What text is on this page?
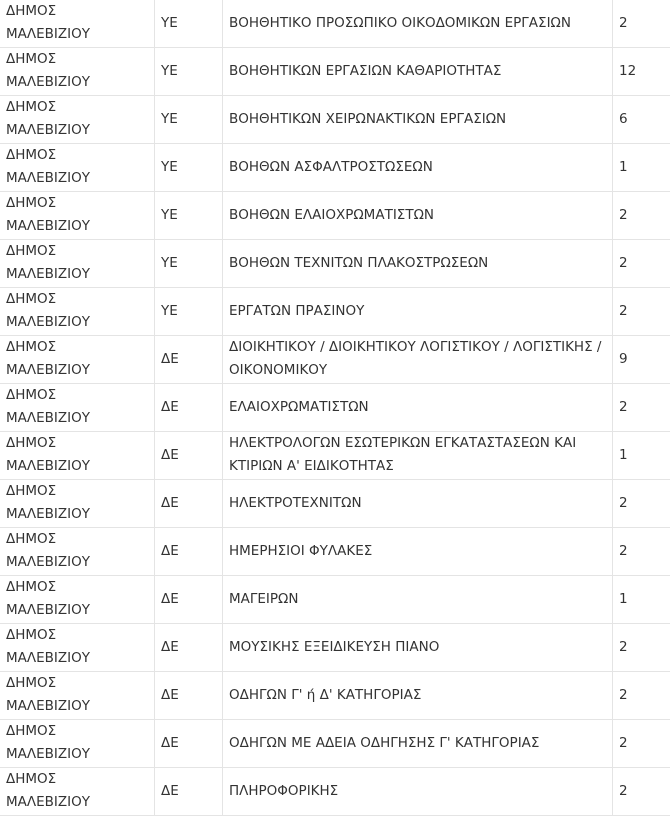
ΔΗΜΟΣ
ΜΑΛΕΒΙΖΙΟΥ	ΥΕ	ΒΟΗΘΗΤΙΚΟ ΠΡΟΣΩΠΙΚΟ ΟΙΚΟΔΟΜΙΚΩΝ ΕΡΓΑΣΙΩΝ	2

ΔΗΜΟΣ
ΜΑΛΕΒΙΖΙΟΥ	ΥΕ	ΒΟΗΘΗΤΙΚΩΝ ΕΡΓΑΣΙΩΝ ΚΑΘΑΡΙΟΤΗΤΑΣ	12

ΔΗΜΟΣ
ΜΑΛΕΒΙΖΙΟΥ	ΥΕ	ΒΟΗΘΗΤΙΚΩΝ ΧΕΙΡΩΝΑΚΤΙΚΩΝ ΕΡΓΑΣΙΩΝ	6

ΔΗΜΟΣ
ΜΑΛΕΒΙΖΙΟΥ	ΥΕ	ΒΟΗΘΩΝ ΑΣΦΑΛΤΡΟΣΤΩΣΕΩΝ	1

ΔΗΜΟΣ
ΜΑΛΕΒΙΖΙΟΥ	ΥΕ	ΒΟΗΘΩΝ ΕΛΑΙΟΧΡΩΜΑΤΙΣΤΩΝ	2

ΔΗΜΟΣ
ΜΑΛΕΒΙΖΙΟΥ	ΥΕ	ΒΟΗΘΩΝ ΤΕΧΝΙΤΩΝ ΠΛΑΚΟΣΤΡΩΣΕΩΝ	2

ΔΗΜΟΣ
ΜΑΛΕΒΙΖΙΟΥ	ΥΕ	ΕΡΓΑΤΩΝ ΠΡΑΣΙΝΟΥ	2

ΔΗΜΟΣ
ΜΑΛΕΒΙΖΙΟΥ	ΔΕ	ΔΙΟΙΚΗΤΙΚΟΥ / ΔΙΟΙΚΗΤΙΚΟΥ ΛΟΓΙΣΤΙΚΟΥ / ΛΟΓΙΣΤΙΚΗΣ / ΟΙΚΟΝΟΜΙΚΟΥ	9

ΔΗΜΟΣ
ΜΑΛΕΒΙΖΙΟΥ	ΔΕ	ΕΛΑΙΟΧΡΩΜΑΤΙΣΤΩΝ	2

ΔΗΜΟΣ
ΜΑΛΕΒΙΖΙΟΥ	ΔΕ	ΗΛΕΚΤΡΟΛΟΓΩΝ ΕΣΩΤΕΡΙΚΩΝ ΕΓΚΑΤΑΣΤΑΣΕΩΝ ΚΑΙ ΚΤΙΡΙΩΝ Α' ΕΙΔΙΚΟΤΗΤΑΣ	1

ΔΗΜΟΣ
ΜΑΛΕΒΙΖΙΟΥ	ΔΕ	ΗΛΕΚΤΡΟΤΕΧΝΙΤΩΝ	2

ΔΗΜΟΣ
ΜΑΛΕΒΙΖΙΟΥ	ΔΕ	ΗΜΕΡΗΣΙΟΙ ΦΥΛΑΚΕΣ	2

ΔΗΜΟΣ
ΜΑΛΕΒΙΖΙΟΥ	ΔΕ	ΜΑΓΕΙΡΩΝ	1

ΔΗΜΟΣ
ΜΑΛΕΒΙΖΙΟΥ	ΔΕ	ΜΟΥΣΙΚΗΣ ΕΞΕΙΔΙΚΕΥΣΗ ΠΙΑΝΟ	2

ΔΗΜΟΣ
ΜΑΛΕΒΙΖΙΟΥ	ΔΕ	ΟΔΗΓΩΝ Γ' ή Δ' ΚΑΤΗΓΟΡΙΑΣ	2

ΔΗΜΟΣ
ΜΑΛΕΒΙΖΙΟΥ	ΔΕ	ΟΔΗΓΩΝ ΜΕ ΑΔΕΙΑ ΟΔΗΓΗΣΗΣ Γ' ΚΑΤΗΓΟΡΙΑΣ	2

ΔΗΜΟΣ
ΜΑΛΕΒΙΖΙΟΥ	ΔΕ	ΠΛΗΡΟΦΟΡΙΚΗΣ	2
